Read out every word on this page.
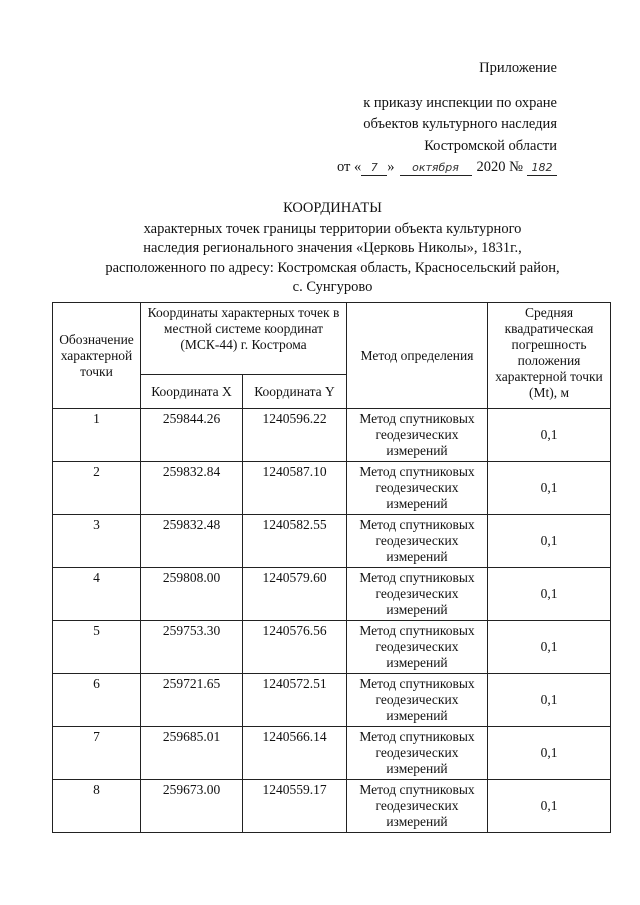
Приложение
к приказу инспекции по охране
объектов культурного наследия
Костромской области
от « 7 »	октября	2020 № 182
КООРДИНАТЫ
характерных точек границы территории объекта культурного
наследия регионального значения «Церковь Николы», 1831г.,
расположенного по адресу: Костромская область, Красносельский район,
с. Сунгурово
Обозначение характерной точки	Координаты характерных точек в местной системе координат (МСК-44) г. Кострома		Метод определения	Средняя квадратическая погрешность положения характерной точки (Mt), м
	Координата X	Координата Y		
1	259844.26	1240596.22	Метод спутниковых геодезических измерений	0,1
2	259832.84	1240587.10	Метод спутниковых геодезических измерений	0,1
3	259832.48	1240582.55	Метод спутниковых геодезических измерений	0,1
4	259808.00	1240579.60	Метод спутниковых геодезических измерений	0,1
5	259753.30	1240576.56	Метод спутниковых геодезических измерений	0,1
6	259721.65	1240572.51	Метод спутниковых геодезических измерений	0,1
7	259685.01	1240566.14	Метод спутниковых геодезических измерений	0,1
8	259673.00	1240559.17	Метод спутниковых геодезических измерений	0,1
